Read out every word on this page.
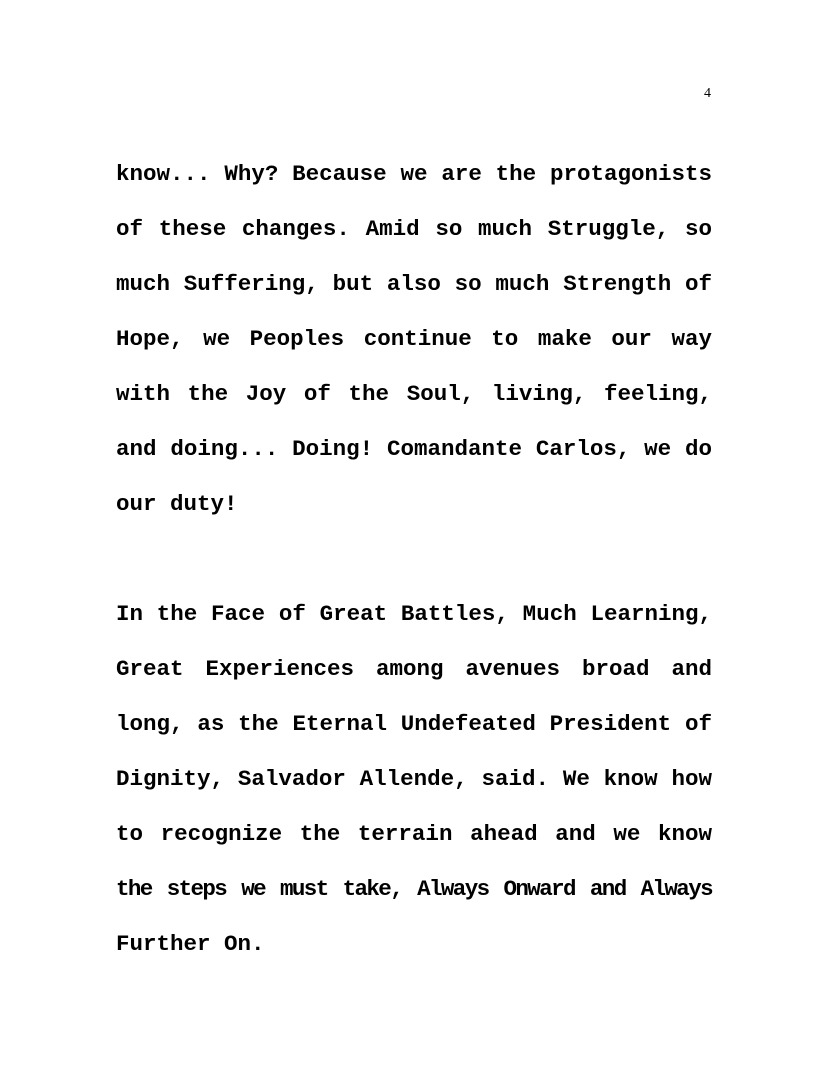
4
know... Why? Because we are the protagonists
of these changes. Amid so much Struggle, so
much Suffering, but also so much Strength of
Hope, we Peoples continue to make our way
with the Joy of the Soul, living, feeling,
and doing... Doing! Comandante Carlos, we do
our duty!
In the Face of Great Battles, Much Learning,
Great Experiences among avenues broad and
long, as the Eternal Undefeated President of
Dignity, Salvador Allende, said. We know how
to recognize the terrain ahead and we know
the steps we must take, Always Onward and Always
Further On.
